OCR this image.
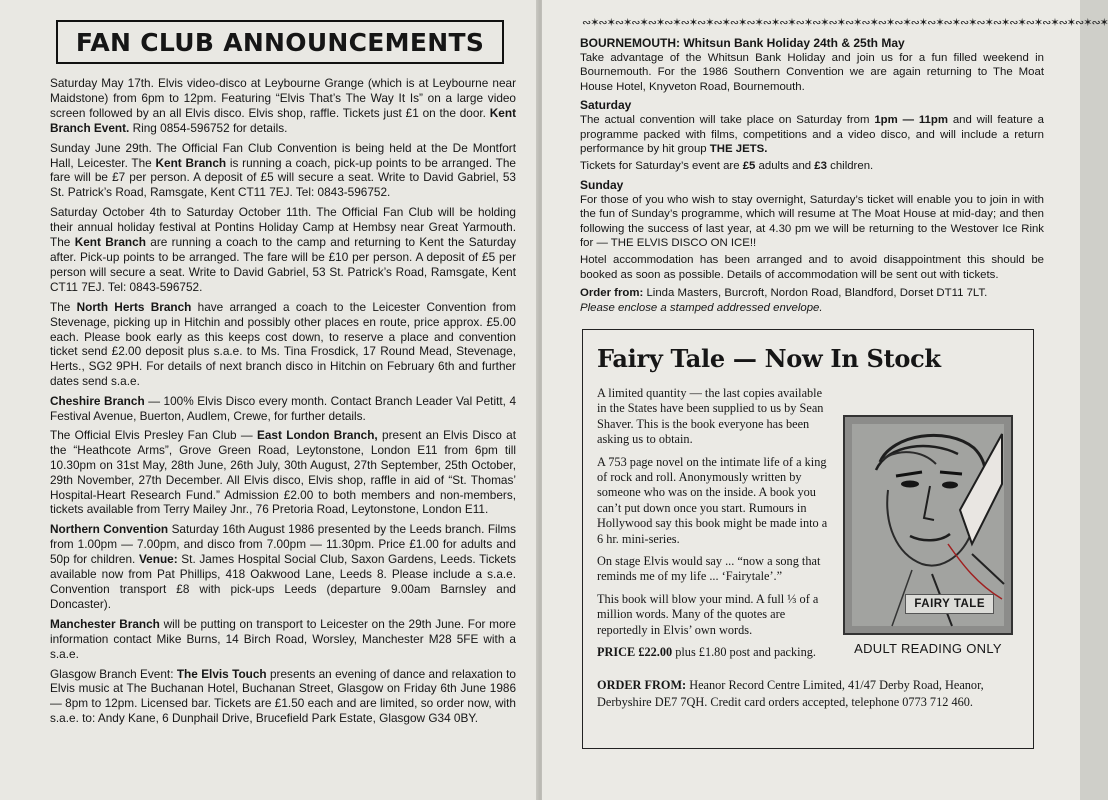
FAN CLUB ANNOUNCEMENTS

Saturday May 17th. Elvis video-disco at Leybourne Grange (which is at Leybourne near Maidstone) from 6pm to 12pm. Featuring “Elvis That’s The Way It Is” on a large video screen followed by an all Elvis disco. Elvis shop, raffle. Tickets just £1 on the door. Kent Branch Event. Ring 0854-596752 for details.

Sunday June 29th. The Official Fan Club Convention is being held at the De Montfort Hall, Leicester. The Kent Branch is running a coach, pick-up points to be arranged. The fare will be £7 per person. A deposit of £5 will secure a seat. Write to David Gabriel, 53 St. Patrick’s Road, Ramsgate, Kent CT11 7EJ. Tel: 0843-596752.

Saturday October 4th to Saturday October 11th. The Official Fan Club will be holding their annual holiday festival at Pontins Holiday Camp at Hembsy near Great Yarmouth. The Kent Branch are running a coach to the camp and returning to Kent the Saturday after. Pick-up points to be arranged. The fare will be £10 per person. A deposit of £5 per person will secure a seat. Write to David Gabriel, 53 St. Patrick’s Road, Ramsgate, Kent CT11 7EJ. Tel: 0843-596752.

The North Herts Branch have arranged a coach to the Leicester Convention from Stevenage, picking up in Hitchin and possibly other places en route, price approx. £5.00 each. Please book early as this keeps cost down, to reserve a place and convention ticket send £2.00 deposit plus s.a.e. to Ms. Tina Frosdick, 17 Round Mead, Stevenage, Herts., SG2 9PH. For details of next branch disco in Hitchin on February 6th and further dates send s.a.e.

Cheshire Branch — 100% Elvis Disco every month. Contact Branch Leader Val Petitt, 4 Festival Avenue, Buerton, Audlem, Crewe, for further details.

The Official Elvis Presley Fan Club — East London Branch, present an Elvis Disco at the “Heathcote Arms”, Grove Green Road, Leytonstone, London E11 from 6pm till 10.30pm on 31st May, 28th June, 26th July, 30th August, 27th September, 25th October, 29th November, 27th December. All Elvis disco, Elvis shop, raffle in aid of “St. Thomas’ Hospital-Heart Research Fund.” Admission £2.00 to both members and non-members, tickets available from Terry Mailey Jnr., 76 Pretoria Road, Leytonstone, London E11.

Northern Convention Saturday 16th August 1986 presented by the Leeds branch. Films from 1.00pm — 7.00pm, and disco from 7.00pm — 11.30pm. Price £1.00 for adults and 50p for children. Venue: St. James Hospital Social Club, Saxon Gardens, Leeds. Tickets available now from Pat Phillips, 418 Oakwood Lane, Leeds 8. Please include a s.a.e. Convention transport £8 with pick-ups Leeds (departure 9.00am Barnsley and Doncaster).

Manchester Branch will be putting on transport to Leicester on the 29th June. For more information contact Mike Burns, 14 Birch Road, Worsley, Manchester M28 5FE with a s.a.e.

Glasgow Branch Event: The Elvis Touch presents an evening of dance and relaxation to Elvis music at The Buchanan Hotel, Buchanan Street, Glasgow on Friday 6th June 1986 — 8pm to 12pm. Licensed bar. Tickets are £1.50 each and are limited, so order now, with s.a.e. to: Andy Kane, 6 Dunphail Drive, Brucefield Park Estate, Glasgow G34 0BY.

∾✶∾✶∾✶∾✶∾✶∾✶∾✶∾✶∾✶∾✶∾✶∾✶∾✶∾✶∾✶∾✶∾✶∾✶∾✶∾✶∾✶∾✶∾✶∾✶∾✶∾✶∾✶∾✶∾✶∾✶∾✶∾✶

BOURNEMOUTH: Whitsun Bank Holiday 24th & 25th May

Take advantage of the Whitsun Bank Holiday and join us for a fun filled weekend in Bournemouth. For the 1986 Southern Convention we are again returning to The Moat House Hotel, Knyveton Road, Bournemouth.

Saturday

The actual convention will take place on Saturday from 1pm — 11pm and will feature a programme packed with films, competitions and a video disco, and will include a return performance by hit group THE JETS.

Tickets for Saturday’s event are £5 adults and £3 children.

Sunday

For those of you who wish to stay overnight, Saturday’s ticket will enable you to join in with the fun of Sunday’s programme, which will resume at The Moat House at mid-day; and then following the success of last year, at 4.30 pm we will be returning to the Westover Ice Rink for — THE ELVIS DISCO ON ICE!!

Hotel accommodation has been arranged and to avoid disappointment this should be booked as soon as possible. Details of accommodation will be sent out with tickets.

Order from: Linda Masters, Burcroft, Nordon Road, Blandford, Dorset DT11 7LT.
Please enclose a stamped addressed envelope.

Fairy Tale — Now In Stock

A limited quantity — the last copies available in the States have been supplied to us by Sean Shaver. This is the book everyone has been asking us to obtain.

A 753 page novel on the intimate life of a king of rock and roll. Anonymously written by someone who was on the inside. A book you can’t put down once you start. Rumours in Hollywood say this book might be made into a 6 hr. mini-series.

On stage Elvis would say ... “now a song that reminds me of my life ... ‘Fairytale’.”

This book will blow your mind. A full ⅓ of a million words. Many of the quotes are reportedly in Elvis’ own words.

PRICE £22.00 plus £1.80 post and packing.

ORDER FROM: Heanor Record Centre Limited, 41/47 Derby Road, Heanor, Derbyshire DE7 7QH. Credit card orders accepted, telephone 0773 712 460.

FAIRY TALE
ADULT READING ONLY
